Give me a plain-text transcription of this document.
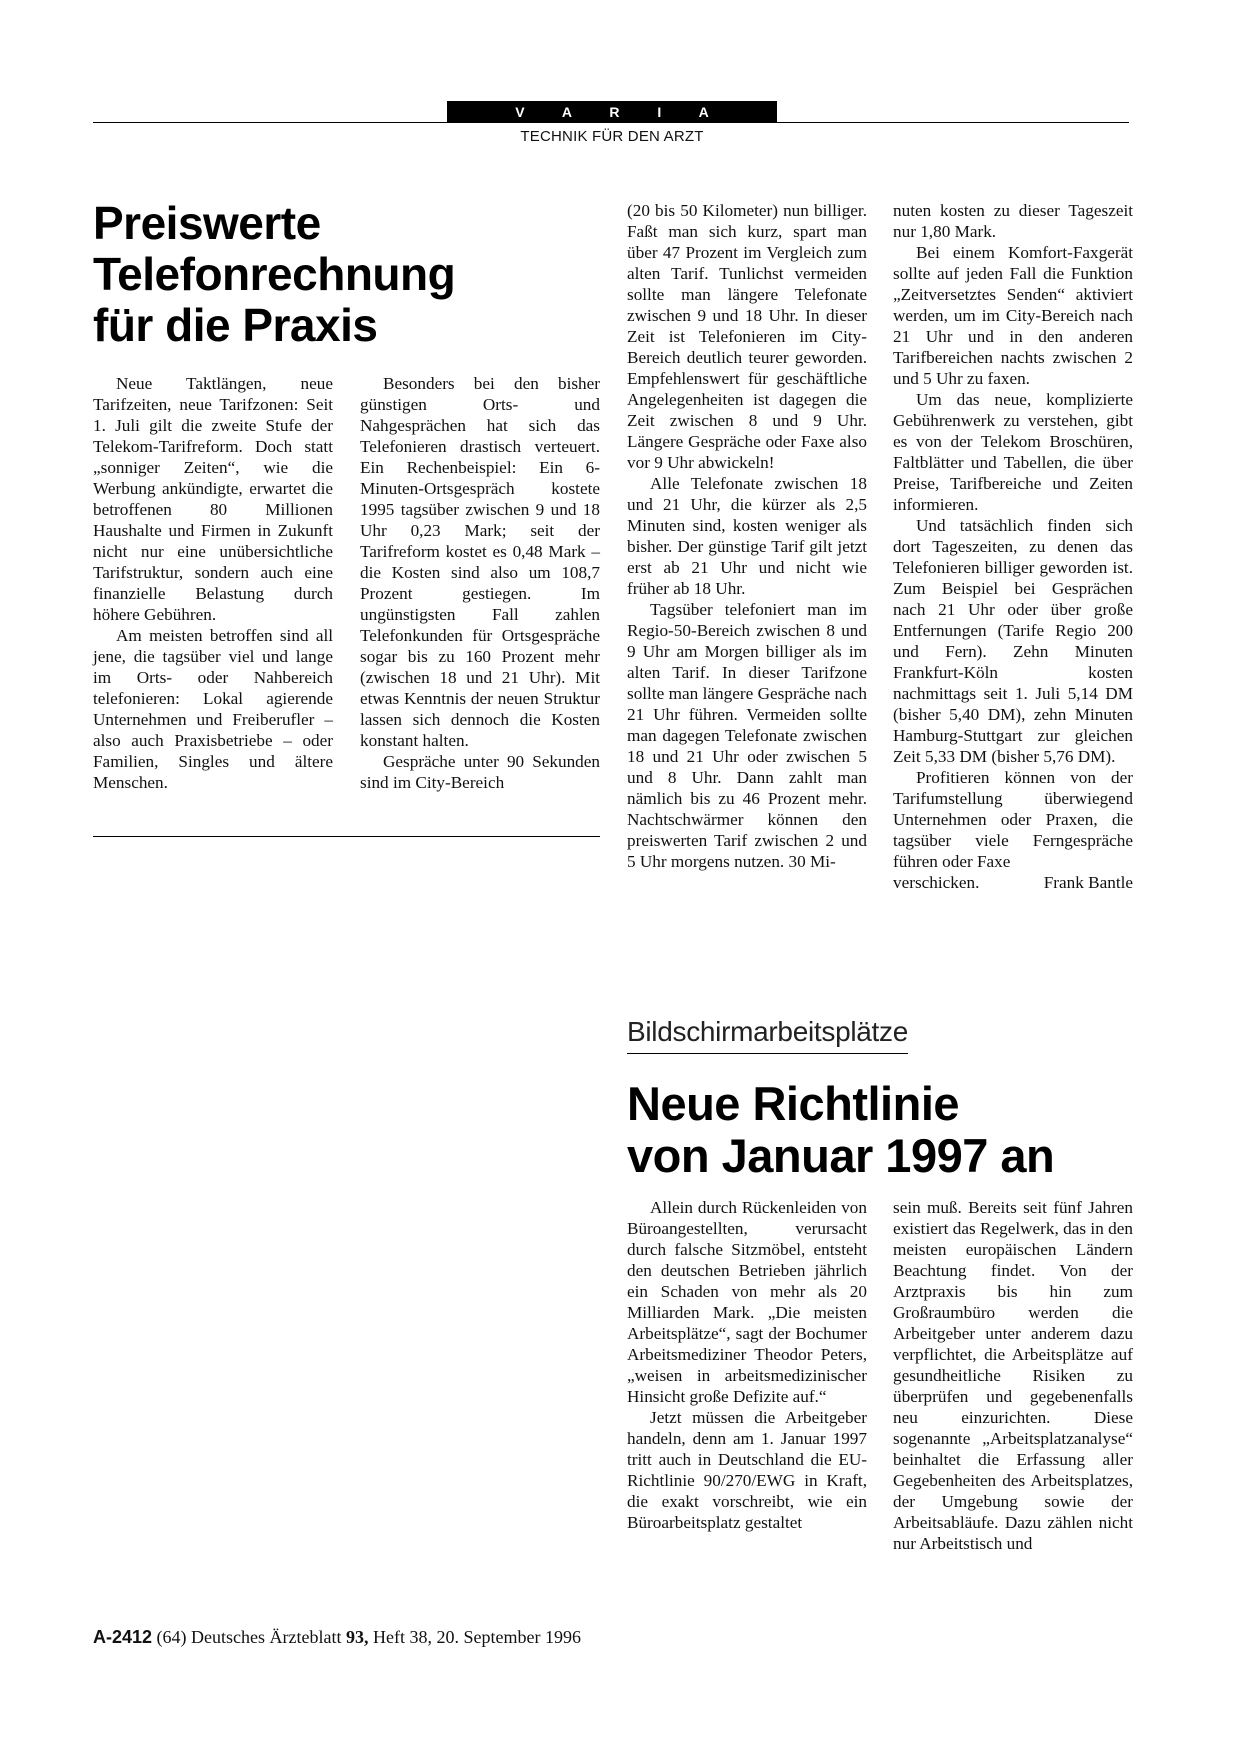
V A R I A
TECHNIK FÜR DEN ARZT
Preiswerte
Telefonrechnung
für die Praxis

Neue Taktlängen, neue Tarifzeiten, neue Tarifzonen: Seit 1. Juli gilt die zweite Stufe der Telekom-Tarifreform. Doch statt „sonniger Zeiten“, wie die Werbung ankündigte, erwartet die betroffenen 80 Millionen Haushalte und Firmen in Zukunft nicht nur eine unübersichtliche Tarifstruktur, sondern auch eine finanzielle Belastung durch höhere Gebühren.

Am meisten betroffen sind all jene, die tagsüber viel und lange im Orts- oder Nahbereich telefonieren: Lokal agierende Unternehmen und Freiberufler – also auch Praxisbetriebe – oder Familien, Singles und ältere Menschen.

Besonders bei den bisher günstigen Orts- und Nahgesprächen hat sich das Telefonieren drastisch verteuert. Ein Rechenbeispiel: Ein 6-Minuten-Ortsgespräch kostete 1995 tagsüber zwischen 9 und 18 Uhr 0,23 Mark; seit der Tarifreform kostet es 0,48 Mark – die Kosten sind also um 108,7 Prozent gestiegen. Im ungünstigsten Fall zahlen Telefonkunden für Ortsgespräche sogar bis zu 160 Prozent mehr (zwischen 18 und 21 Uhr). Mit etwas Kenntnis der neuen Struktur lassen sich dennoch die Kosten konstant halten.

Gespräche unter 90 Sekunden sind im City-Bereich

(20 bis 50 Kilometer) nun billiger. Faßt man sich kurz, spart man über 47 Prozent im Vergleich zum alten Tarif. Tunlichst vermeiden sollte man längere Telefonate zwischen 9 und 18 Uhr. In dieser Zeit ist Telefonieren im City-Bereich deutlich teurer geworden. Empfehlenswert für geschäftliche Angelegenheiten ist dagegen die Zeit zwischen 8 und 9 Uhr. Längere Gespräche oder Faxe also vor 9 Uhr abwickeln!

Alle Telefonate zwischen 18 und 21 Uhr, die kürzer als 2,5 Minuten sind, kosten weniger als bisher. Der günstige Tarif gilt jetzt erst ab 21 Uhr und nicht wie früher ab 18 Uhr.

Tagsüber telefoniert man im Regio-50-Bereich zwischen 8 und 9 Uhr am Morgen billiger als im alten Tarif. In dieser Tarifzone sollte man längere Gespräche nach 21 Uhr führen. Vermeiden sollte man dagegen Telefonate zwischen 18 und 21 Uhr oder zwischen 5 und 8 Uhr. Dann zahlt man nämlich bis zu 46 Prozent mehr. Nachtschwärmer können den preiswerten Tarif zwischen 2 und 5 Uhr morgens nutzen. 30 Mi-

nuten kosten zu dieser Tageszeit nur 1,80 Mark.

Bei einem Komfort-Faxgerät sollte auf jeden Fall die Funktion „Zeitversetztes Senden“ aktiviert werden, um im City-Bereich nach 21 Uhr und in den anderen Tarifbereichen nachts zwischen 2 und 5 Uhr zu faxen.

Um das neue, komplizierte Gebührenwerk zu verstehen, gibt es von der Telekom Broschüren, Faltblätter und Tabellen, die über Preise, Tarifbereiche und Zeiten informieren.

Und tatsächlich finden sich dort Tageszeiten, zu denen das Telefonieren billiger geworden ist. Zum Beispiel bei Gesprächen nach 21 Uhr oder über große Entfernungen (Tarife Regio 200 und Fern). Zehn Minuten Frankfurt-Köln kosten nachmittags seit 1. Juli 5,14 DM (bisher 5,40 DM), zehn Minuten Hamburg-Stuttgart zur gleichen Zeit 5,33 DM (bisher 5,76 DM).

Profitieren können von der Tarifumstellung überwiegend Unternehmen oder Praxen, die tagsüber viele Ferngespräche führen oder Faxe

verschicken.	Frank Bantle
Bildschirmarbeitsplätze
Neue Richtlinie
von Januar 1997 an

Allein durch Rückenleiden von Büroangestellten, verursacht durch falsche Sitzmöbel, entsteht den deutschen Betrieben jährlich ein Schaden von mehr als 20 Milliarden Mark. „Die meisten Arbeitsplätze“, sagt der Bochumer Arbeitsmediziner Theodor Peters, „weisen in arbeitsmedizinischer Hinsicht große Defizite auf.“

Jetzt müssen die Arbeitgeber handeln, denn am 1. Januar 1997 tritt auch in Deutschland die EU-Richtlinie 90/270/EWG in Kraft, die exakt vorschreibt, wie ein Büroarbeitsplatz gestaltet

sein muß. Bereits seit fünf Jahren existiert das Regelwerk, das in den meisten europäischen Ländern Beachtung findet. Von der Arztpraxis bis hin zum Großraumbüro werden die Arbeitgeber unter anderem dazu verpflichtet, die Arbeitsplätze auf gesundheitliche Risiken zu überprüfen und gegebenenfalls neu einzurichten. Diese sogenannte „Arbeitsplatzanalyse“ beinhaltet die Erfassung aller Gegebenheiten des Arbeitsplatzes, der Umgebung sowie der Arbeitsabläufe. Dazu zählen nicht nur Arbeitstisch und

A-2412 (64) Deutsches Ärzteblatt 93, Heft 38, 20. September 1996
